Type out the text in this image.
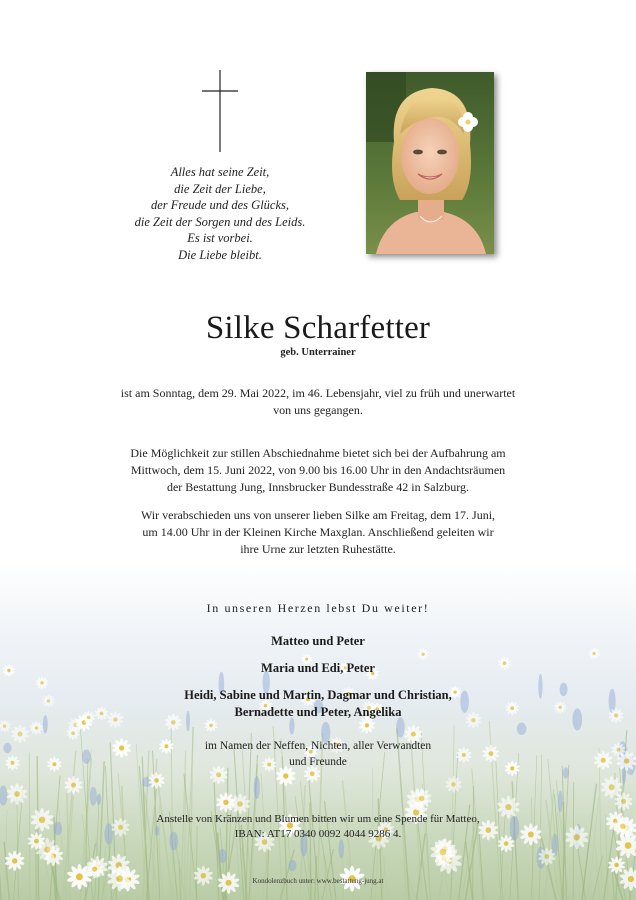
Alles hat seine Zeit,
die Zeit der Liebe,
der Freude und des Glücks,
die Zeit der Sorgen und des Leids.
Es ist vorbei.
Die Liebe bleibt.
Silke Scharfetter
geb. Unterrainer
ist am Sonntag, dem 29. Mai 2022, im 46. Lebensjahr, viel zu früh und unerwartet
von uns gegangen.
Die Möglichkeit zur stillen Abschiednahme bietet sich bei der Aufbahrung am
Mittwoch, dem 15. Juni 2022, von 9.00 bis 16.00 Uhr in den Andachtsräumen
der Bestattung Jung, Innsbrucker Bundesstraße 42 in Salzburg.
Wir verabschieden uns von unserer lieben Silke am Freitag, dem 17. Juni,
um 14.00 Uhr in der Kleinen Kirche Maxglan. Anschließend geleiten wir
ihre Urne zur letzten Ruhestätte.
In unseren Herzen lebst Du weiter!
Matteo und Peter
Maria und Edi, Peter
Heidi, Sabine und Martin, Dagmar und Christian,
Bernadette und Peter, Angelika
im Namen der Neffen, Nichten, aller Verwandten
und Freunde
Anstelle von Kränzen und Blumen bitten wir um eine Spende für Matteo,
IBAN: AT17 0340 0092 4044 9286 4.
Kondolenzbuch unter: www.bestattung-jung.at
